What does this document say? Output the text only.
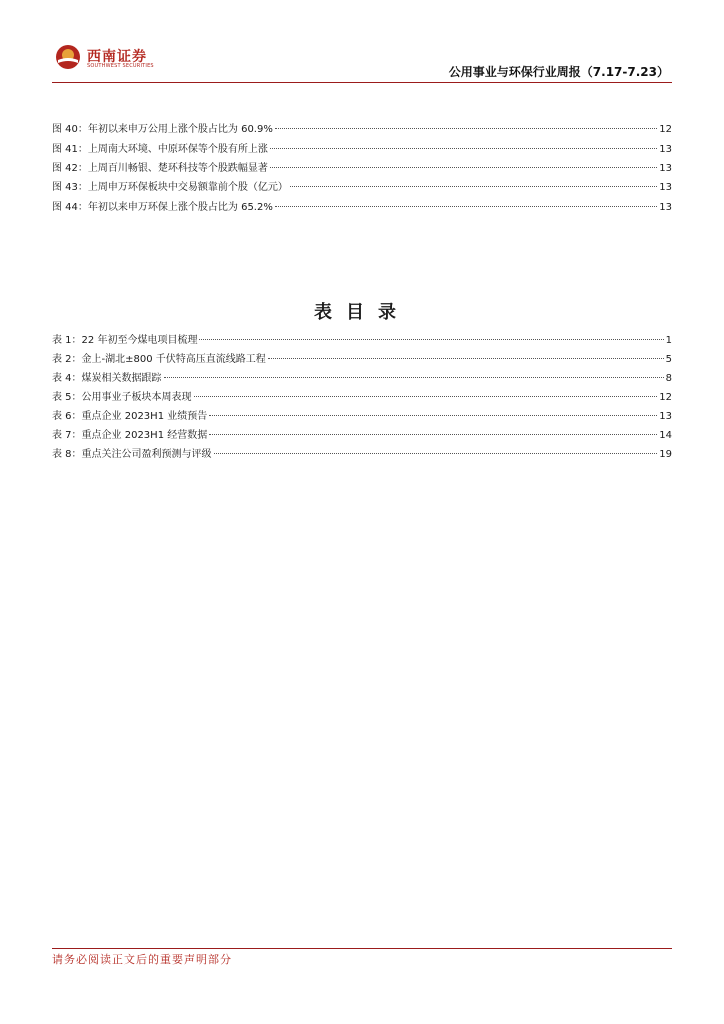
西南证券
SOUTHWEST SECURITIES	公用事业与环保行业周报（7.17-7.23）
图 40：年初以来申万公用上涨个股占比为 60.9%	12
图 41：上周南大环境、中原环保等个股有所上涨	13
图 42：上周百川畅银、楚环科技等个股跌幅显著	13
图 43：上周申万环保板块中交易额靠前个股（亿元）	13
图 44：年初以来申万环保上涨个股占比为 65.2%	13
表目录
表 1：22 年初至今煤电项目梳理	1
表 2：金上-湖北±800 千伏特高压直流线路工程	5
表 4：煤炭相关数据跟踪	8
表 5：公用事业子板块本周表现	12
表 6：重点企业 2023H1 业绩预告	13
表 7：重点企业 2023H1 经营数据	14
表 8：重点关注公司盈利预测与评级	19
请务必阅读正文后的重要声明部分
